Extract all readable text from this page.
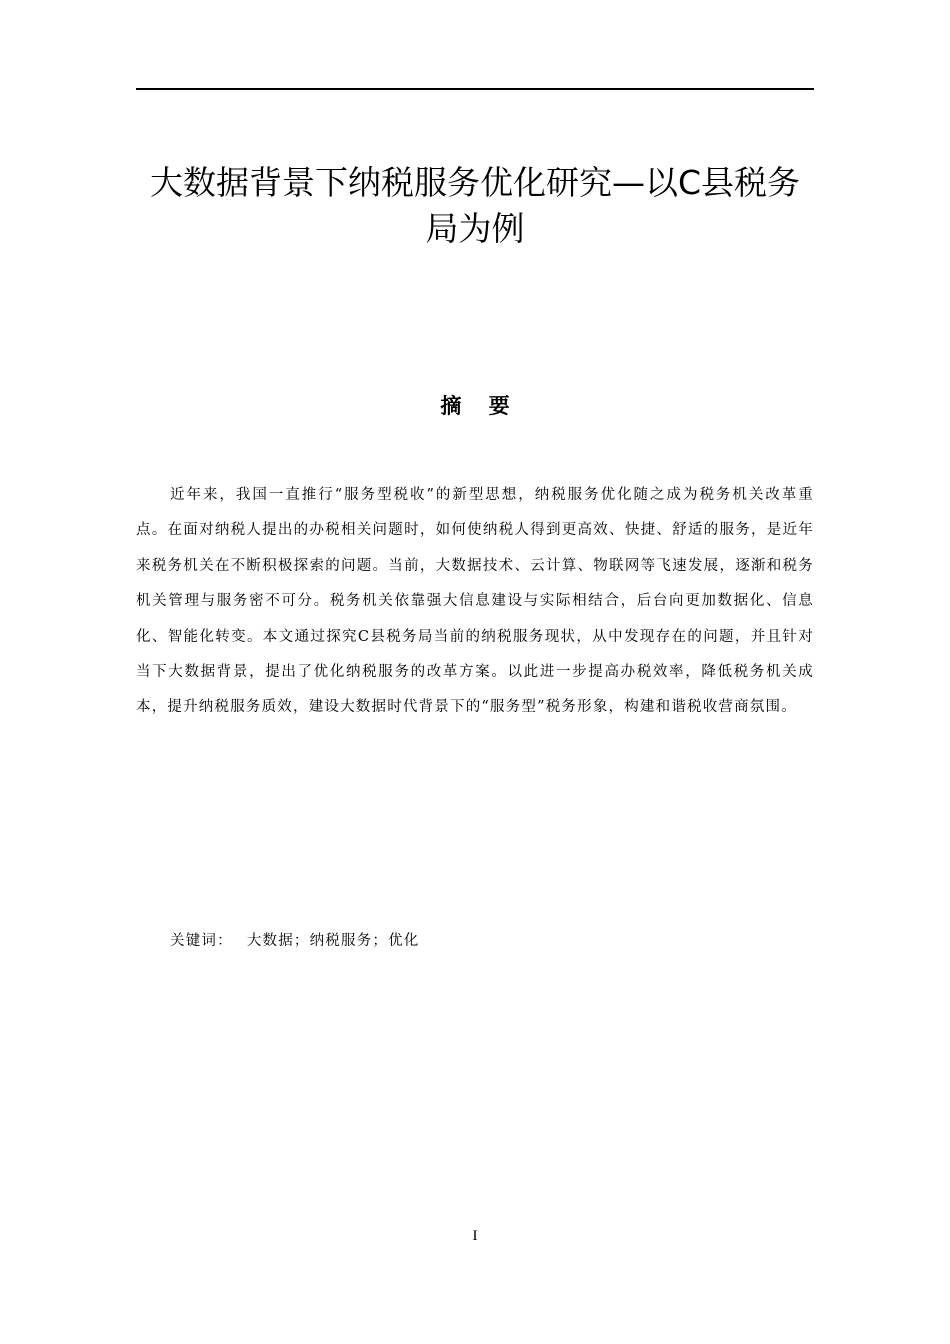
大数据背景下纳税服务优化研究—以C县税务局为例
摘 要

近年来，我国一直推行“服务型税收”的新型思想，纳税服务优化随之成为税务机关改革重点。在面对纳税人提出的办税相关问题时，如何使纳税人得到更高效、快捷、舒适的服务，是近年来税务机关在不断积极探索的问题。当前，大数据技术、云计算、物联网等飞速发展，逐渐和税务机关管理与服务密不可分。税务机关依靠强大信息建设与实际相结合，后台向更加数据化、信息化、智能化转变。本文通过探究C县税务局当前的纳税服务现状，从中发现存在的问题，并且针对当下大数据背景，提出了优化纳税服务的改革方案。以此进一步提高办税效率，降低税务机关成本，提升纳税服务质效，建设大数据时代背景下的“服务型”税务形象，构建和谐税收营商氛围。

关键词： 大数据；纳税服务；优化
I
